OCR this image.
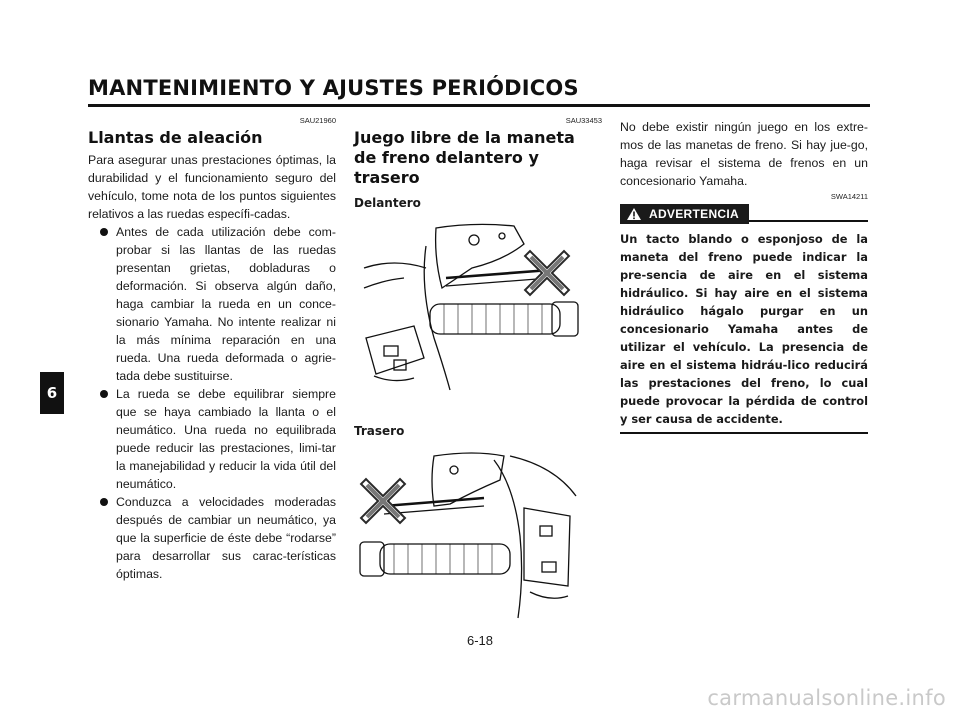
MANTENIMIENTO Y AJUSTES PERIÓDICOS
6
SAU21960
Llantas de aleación

Para asegurar unas prestaciones óptimas, la durabilidad y el funcionamiento seguro del vehículo, tome nota de los puntos siguientes relativos a las ruedas específi-cadas.

Antes de cada utilización debe com-probar si las llantas de las ruedas presentan grietas, dobladuras o deformación. Si observa algún daño, haga cambiar la rueda en un conce-sionario Yamaha. No intente realizar ni la más mínima reparación en una rueda. Una rueda deformada o agrie-tada debe sustituirse.
La rueda se debe equilibrar siempre que se haya cambiado la llanta o el neumático. Una rueda no equilibrada puede reducir las prestaciones, limi-tar la manejabilidad y reducir la vida útil del neumático.
Conduzca a velocidades moderadas después de cambiar un neumático, ya que la superficie de éste debe “rodarse” para desarrollar sus carac-terísticas óptimas.
SAU33453
Juego libre de la maneta de freno delantero y trasero
Delantero
Trasero

No debe existir ningún juego en los extre-mos de las manetas de freno. Si hay jue-go, haga revisar el sistema de frenos en un concesionario Yamaha.

SWA14211
ADVERTENCIA

Un tacto blando o esponjoso de la maneta del freno puede indicar la pre-sencia de aire en el sistema hidráulico. Si hay aire en el sistema hidráulico hágalo purgar en un concesionario Yamaha antes de utilizar el vehículo. La presencia de aire en el sistema hidráu-lico reducirá las prestaciones del freno, lo cual puede provocar la pérdida de control y ser causa de accidente.

6-18
carmanualsonline.info
